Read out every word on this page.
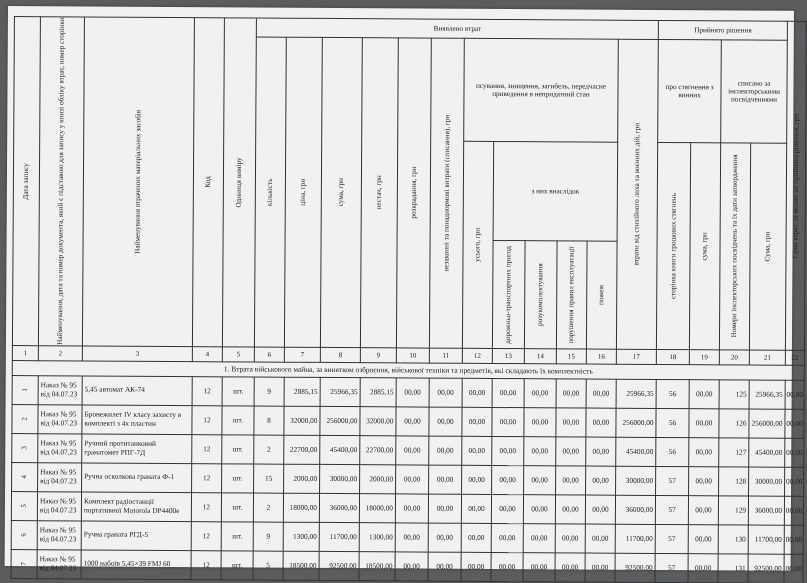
Дата запису	Найменування, дата та номер документа, який є підставою для запису у книзі обліку втрат, номер сторінки	Найменування втрачених матеріальних засобів	Код	Одиниця виміру	Виявлено втрат												Прийнято рішення				Сума втрат, за якими не прийнято рішення, грн

					кількість	ціна, грн	сума, грн	нестач, грн	розкрадання, грн	незаконні та понаднормові витрати (списання), грн	псування, знищення, загибель, передчасне приведення в непридатний стан					втрати від стихійного лиха та воєнних дій, грн	про стягнення з винних		списано за інспекторськими посвідченнями		

											усього, грн	з них внаслідок					сторінка книги грошових стягнень	сума, грн	Номери інспекторських посвідчень та їх дати затвердження	Сума, грн	

												дорожньо-транспортних пригод	розукомплектування	порушення правил експлуатації	пожеж						

1	2	3	4	5	6	7	8	9	10	11	12	13	14	15	16	17	18	19	20	21	22
1. Втрата військового майна, за винятком озброєння, військової техніки та предметів, які складають їх комплектність																					

1	Наказ № 95 від 04.07.23	5,45 автомат АК-74	12	шт.	9	2885,15	25966,35	2885,15	00,00	00,00	00,00	00,00	00,00	00,00	00,00	25966,35	56	00,00	125	25966,35	00,00

2	Наказ № 95 від 04.07.23	Бронежилет IV класу захисту в комплекті з 4х пластин	12	шт.	8	32000,00	256000,00	32000,00	00,00	00,00	00,00	00,00	00,00	00,00	00,00	256000,00	56	00,00	126	256000,00	00,00

3	Наказ № 95 від 04.07.23	Ручний протитанковий гранатомет РПГ-7Д	12	шт.	2	22700,00	45400,00	22700,00	00,00	00,00	00,00	00,00	00,00	00,00	00,00	45400,00	56	00,00	127	45400,00	00,00

4	Наказ № 95 від 04.07.23	Ручна осколкова граната Ф-1	12	шт.	15	2000,00	30000,00	2000,00	00,00	00,00	00,00	00,00	00,00	00,00	00,00	30000,00	57	00,00	128	30000,00	00,00

5	Наказ № 95 від 04.07.23	Комплект радіостанції портативної Motorola DP4400e	12	шт.	2	18000,00	36000,00	18000,00	00,00	00,00	00,00	00,00	00,00	00,00	00,00	36000,00	57	00,00	129	36000,00	00,00

6	Наказ № 95 від 04.07.23	Ручна граната РГД-5	12	шт.	9	1300,00	11700,00	1300,00	00,00	00,00	00,00	00,00	00,00	00,00	00,00	11700,00	57	00,00	130	11700,00	00,00

7	Наказ № 95 від 04.07.23	1000 набоїв 5,45×39 FMJ 60	12	шт.	5	18500,00	92500,00	18500,00	00,00	00,00	00,00	00,00	00,00	00,00	00,00	92500,00	57	00,00	131	92500,00	00,00
